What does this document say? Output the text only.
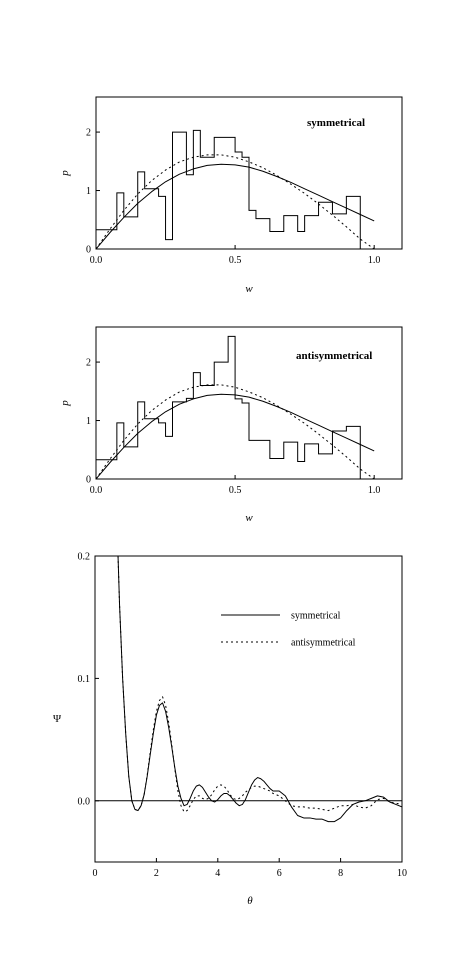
0.0	0.5	1.0
0
1
2
w
p
symmetrical
0.0	0.5	1.0
0
1
2
w
p
antisymmetrical
0	2	4	6	8	10
0.0
0.1
0.2
θ
Ψ
symmetrical
antisymmetrical
